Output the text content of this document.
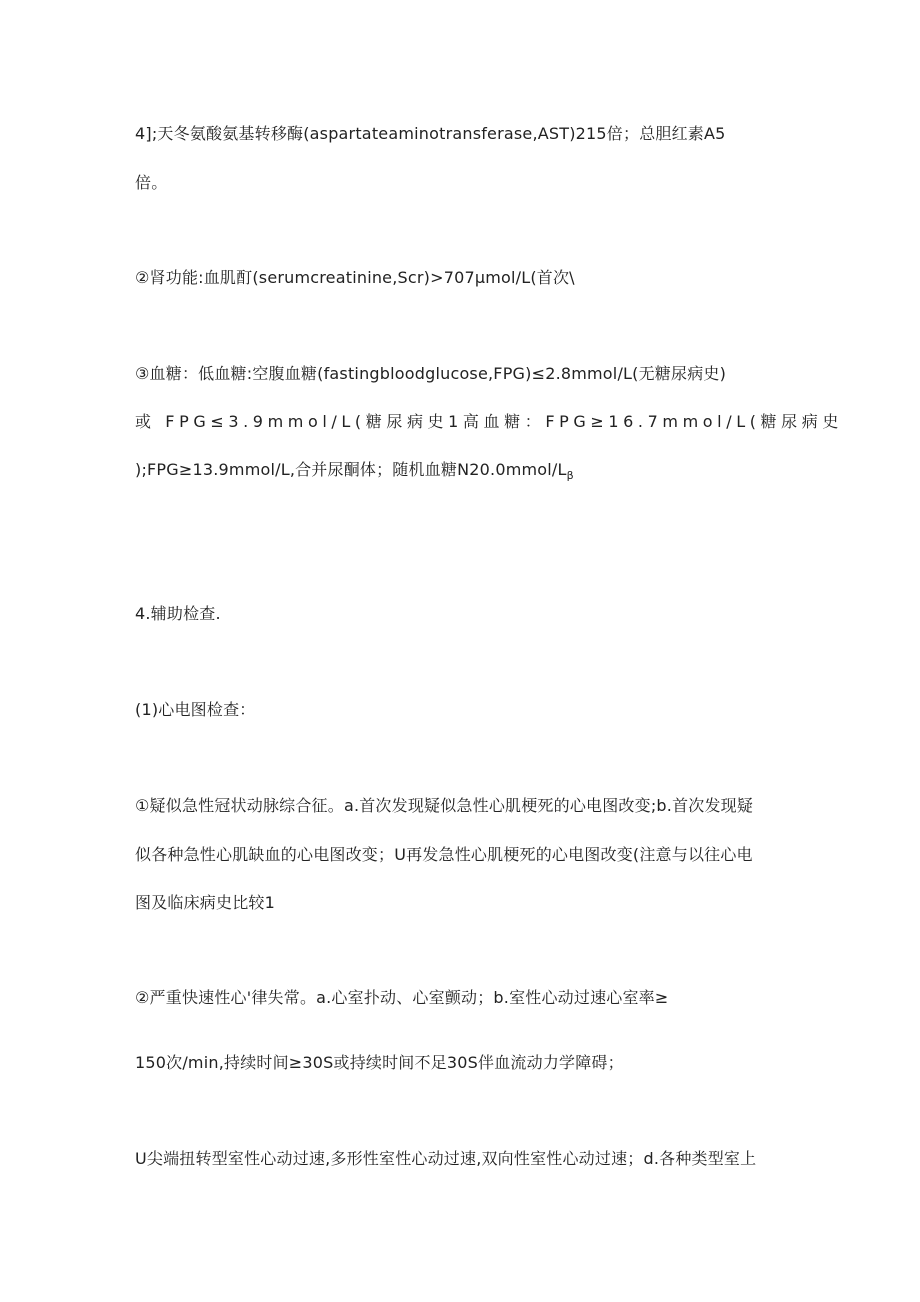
4];天冬氨酸氨基转移酶(aspartateaminotransferase,AST)215倍；总胆红素A5
倍。
②肾功能:血肌酊(serumcreatinine,Scr)>707μmol∕L(首次\
③血糖：低血糖:空腹血糖(fastingbloodglucose,FPG)≤2.8mmol/L(无糖尿病史)
或 FPG≤3.9mmol/L(糖尿病史1高血糖：FPG≥16.7mmol/L(糖尿病史
);FPG≥13.9mmol∕L,合并尿酮体；随机血糖$N20.0mmol∕L_\beta$
4.辅助检查.
(1)心电图检查：
①疑似急性冠状动脉综合征。a.首次发现疑似急性心肌梗死的心电图改变;b.首次发现疑
似各种急性心肌缺血的心电图改变；U再发急性心肌梗死的心电图改变(注意与以往心电
图及临床病史比较1
②严重快速性心'律失常。a.心室扑动、心室颤动；b.室性心动过速心室率≥
150次/min,持续时间≥30S或持续时间不足30S伴血流动力学障碍；
U尖端扭转型室性心动过速,多形性室性心动过速,双向性室性心动过速；d.各种类型室上
